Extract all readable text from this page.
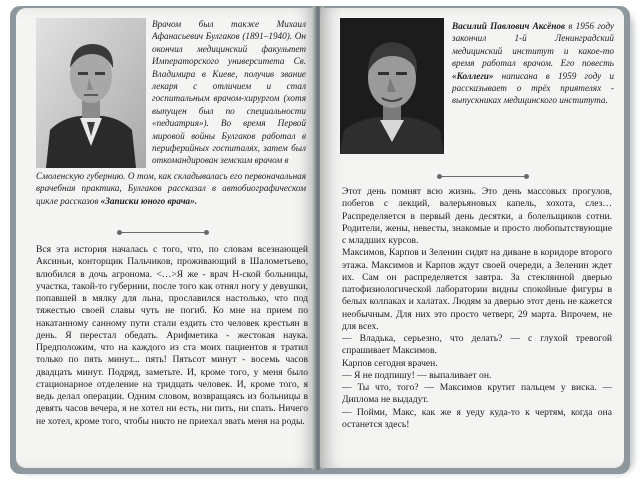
Врачом был также Михаил Афанасьевич Булгаков (1891–1940). Он окончил медицинский факультет Императорского университета Св. Владимира в Киеве, получив звание лекаря с отличием и стал госпитальным врачом-хирургом (хотя выпущен был по специальности «педиатрия»). Во время Первой мировой войны Булгаков работал в периферийных госпиталях, затем был откомандирован земским врачом в
Смоленскую губернию. О том, как складывалась его первоначальная врачебная практика, Булгаков рассказал в автобиографическом цикле рассказов «Записки юного врача».

Вся эта история началась с того, что, по словам всезнающей Аксиньи, конторщик Пальчиков, проживающий в Шалометьево, влюбился в дочь агронома. <…>Я же - врач Н-ской больницы, участка, такой-то губернии, после того как отнял ногу у девушки, попавшей в мялку для льна, прославился настолько, что под тяжестью своей славы чуть не погиб. Ко мне на прием по накатанному санному пути стали ездить сто человек крестьян в день. Я перестал обедать. Арифметика - жестокая наука. Предположим, что на каждого из ста моих пациентов я тратил только по пять минут... пять! Пятьсот минут - восемь часов двадцать минут. Подряд, заметьте. И, кроме того, у меня было стационарное отделение на тридцать человек. И, кроме того, я ведь делал операции. Одним словом, возвращаясь из больницы в девять часов вечера, я не хотел ни есть, ни пить, ни спать. Ничего не хотел, кроме того, чтобы никто не приехал звать меня на роды.

Василий Павлович Аксёнов в 1956 году закончил 1-й Ленинградский медицинский институт и какое-то время работал врачом. Его повесть «Коллеги» написана в 1959 году и рассказывает о трёх приятелях - выпускниках медицинского института.

Этот день помнят всю жизнь. Это день массовых прогулов, побегов с лекций, валерьяновых капель, хохота, слез… Распределяется в первый день десятки, а болельщиков сотни. Родители, жены, невесты, знакомые и просто любопытствующие с младших курсов.

Максимов, Карпов и Зеленин сидят на диване в коридоре второго этажа. Максимов и Карпов ждут своей очереди, а Зеленин ждет их. Сам он распределяется завтра. За стеклянной дверью патофизиологической лаборатории видны спокойные фигуры в белых колпаках и халатах. Людям за дверью этот день не кажется необычным. Для них это просто четверг, 29 марта. Впрочем, не для всех.

— Владька, серьезно, что делать? — с глухой тревогой спрашивает Максимов.

Карпов сегодня врачен.

— Я не подпишу! — выпаливает он.

— Ты что, того? — Максимов крутит пальцем у виска. — Диплома не выдадут.

— Пойми, Макс, как же я уеду куда-то к чертям, когда она останется здесь!
